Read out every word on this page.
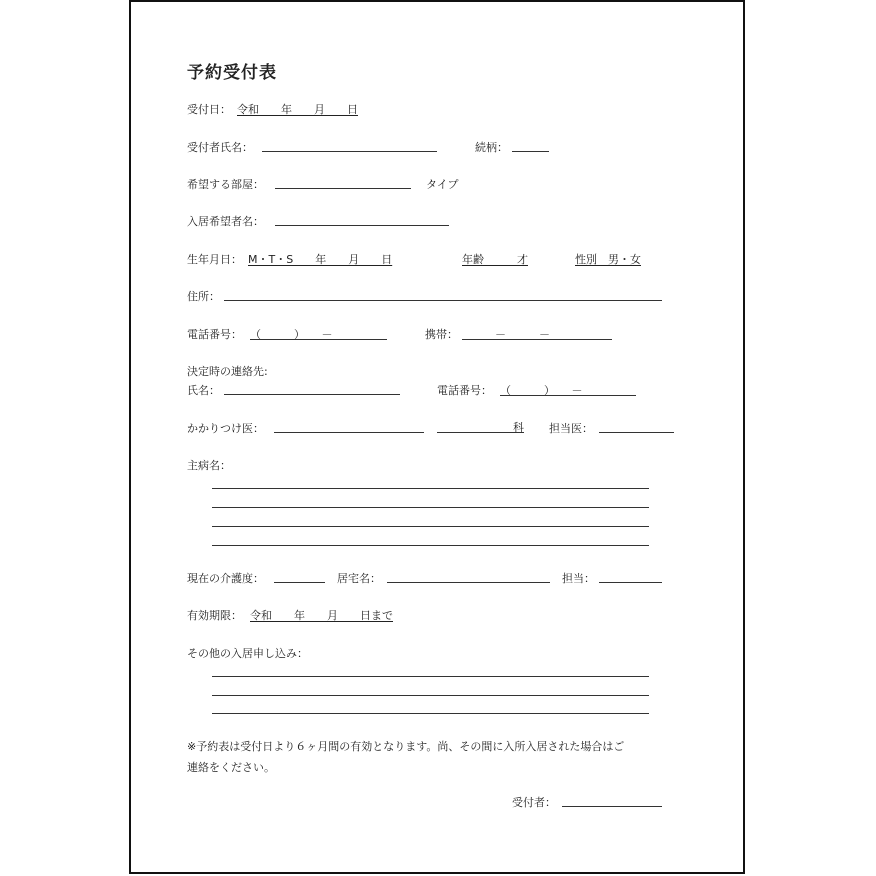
予約受付表
受付日： 令和　　年　　月　　日
受付者氏名：	続柄：
希望する部屋：	タイプ
入居希望者名：
生年月日： M・T・S　　年　　月　　日	年齢　　　才	性別　男・女
住所：
電話番号： （　　　）　　－	携帯： 　　　－　　　－
決定時の連絡先:
氏名：	電話番号： （　　　）　　－
かかりつけ医：	科 担当医：
主病名：
現在の介護度：	居宅名：	担当：
有効期限： 令和　　年　　月　　日まで
その他の入居申し込み：
※予約表は受付日より６ヶ月間の有効となります。尚、その間に入所入居された場合はご
連絡をください。
受付者：
